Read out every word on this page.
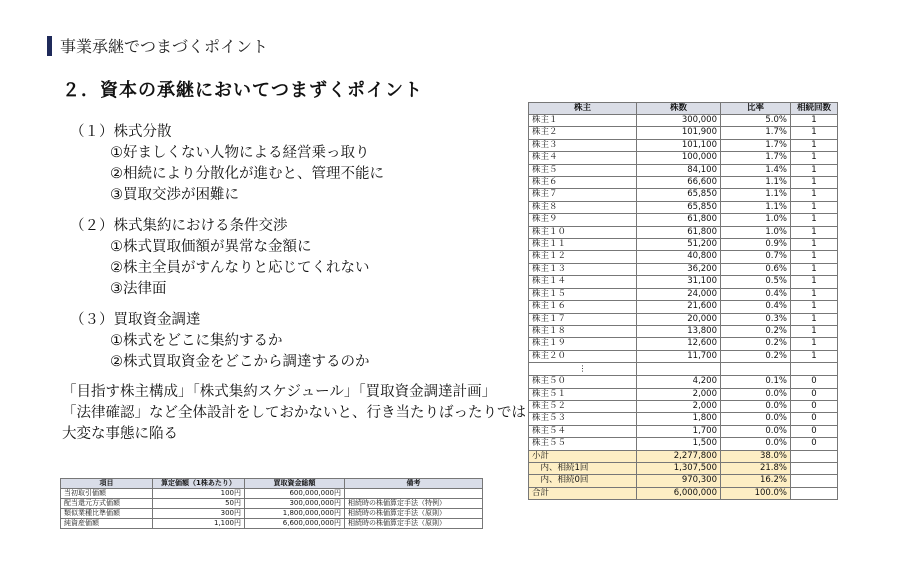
事業承継でつまづくポイント
２．資本の承継においてつまずくポイント
（１）株式分散
①好ましくない人物による経営乗っ取り
②相続により分散化が進むと、管理不能に
③買取交渉が困難に
（２）株式集約における条件交渉
①株式買取価額が異常な金額に
②株主全員がすんなりと応じてくれない
③法律面
（３）買取資金調達
①株式をどこに集約するか
②株式買取資金をどこから調達するのか
「目指す株主構成」「株式集約スケジュール」「買取資金調達計画」
「法律確認」など全体設計をしておかないと、行き当たりばったりでは
大変な事態に陥る
項目	算定価額（1株あたり）	買取資金総額	備考
当初取引価額	100円	600,000,000円	
配当還元方式価額	50円	300,000,000円	相続時の株価算定手法（特例）
類似業種比準価額	300円	1,800,000,000円	相続時の株価算定手法（原則）
純資産価額	1,100円	6,600,000,000円	相続時の株価算定手法（原則）
株主	株数	比率	相続回数
株主１	300,000	5.0%	1
株主２	101,900	1.7%	1
株主３	101,100	1.7%	1
株主４	100,000	1.7%	1
株主５	84,100	1.4%	1
株主６	66,600	1.1%	1
株主７	65,850	1.1%	1
株主８	65,850	1.1%	1
株主９	61,800	1.0%	1
株主１０	61,800	1.0%	1
株主１１	51,200	0.9%	1
株主１２	40,800	0.7%	1
株主１３	36,200	0.6%	1
株主１４	31,100	0.5%	1
株主１５	24,000	0.4%	1
株主１６	21,600	0.4%	1
株主１７	20,000	0.3%	1
株主１８	13,800	0.2%	1
株主１９	12,600	0.2%	1
株主２０	11,700	0.2%	1
⋮			
株主５０	4,200	0.1%	0
株主５１	2,000	0.0%	0
株主５２	2,000	0.0%	0
株主５３	1,800	0.0%	0
株主５４	1,700	0.0%	0
株主５５	1,500	0.0%	0
小計	2,277,800	38.0%	
　内、相続1回	1,307,500	21.8%	
　内、相続0回	970,300	16.2%	
合計	6,000,000	100.0%	
